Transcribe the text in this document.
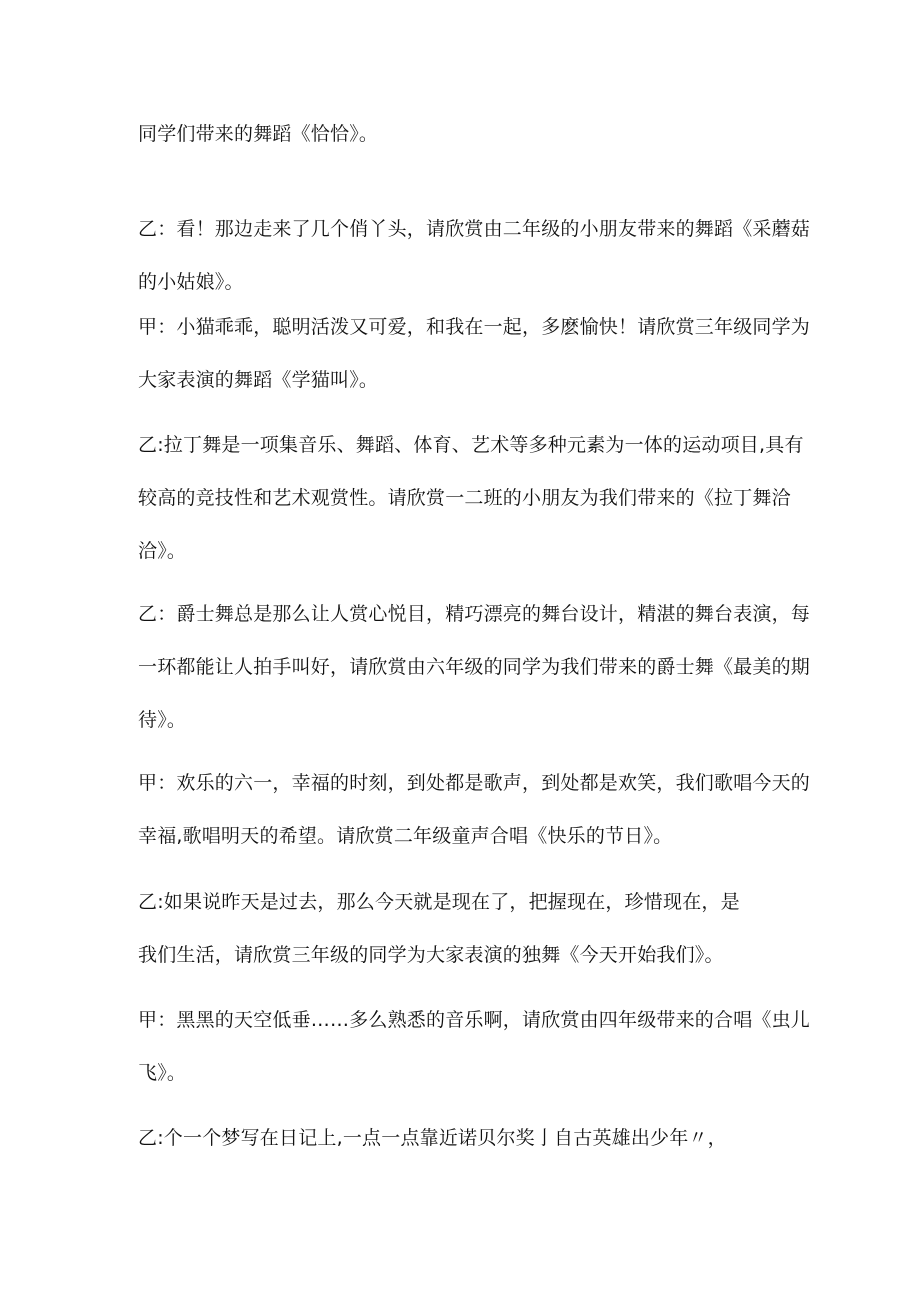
同学们带来的舞蹈《恰恰》。

乙：看！那边走来了几个俏丫头，请欣赏由二年级的小朋友带来的舞蹈《采蘑菇
的小姑娘》。

甲：小猫乖乖，聪明活泼又可爱，和我在一起，多麽愉快！请欣赏三年级同学为
大家表演的舞蹈《学猫叫》。

乙:拉丁舞是一项集音乐、舞蹈、体育、艺术等多种元素为一体的运动项目,具有
较高的竞技性和艺术观赏性。请欣赏一二班的小朋友为我们带来的《拉丁舞洽
洽》。

乙：爵士舞总是那么让人赏心悦目，精巧漂亮的舞台设计，精湛的舞台表演，每
一环都能让人拍手叫好，请欣赏由六年级的同学为我们带来的爵士舞《最美的期
待》。

甲：欢乐的六一，幸福的时刻，到处都是歌声，到处都是欢笑，我们歌唱今天的
幸福,歌唱明天的希望。请欣赏二年级童声合唱《快乐的节日》。

乙:如果说昨天是过去，那么今天就是现在了，把握现在，珍惜现在，是
我们生活，请欣赏三年级的同学为大家表演的独舞《今天开始我们》。

甲：黑黑的天空低垂……多么熟悉的音乐啊，请欣赏由四年级带来的合唱《虫儿
飞》。

乙:个一个梦写在日记上,一点一点靠近诺贝尔奖亅自古英雄出少年〃，
